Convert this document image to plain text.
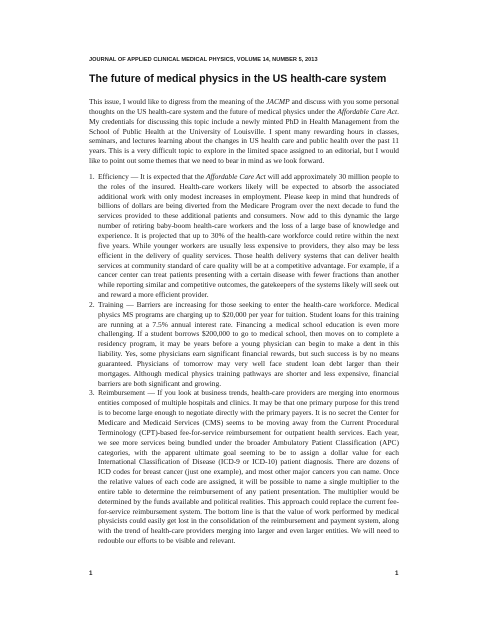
JOURNAL OF APPLIED CLINICAL MEDICAL PHYSICS, VOLUME 14, NUMBER 5, 2013
The future of medical physics in the US health-care system

This issue, I would like to digress from the meaning of the JACMP and discuss with you some personal thoughts on the US health-care system and the future of medical physics under the Affordable Care Act. My credentials for discussing this topic include a newly minted PhD in Health Management from the School of Public Health at the University of Louisville. I spent many rewarding hours in classes, seminars, and lectures learning about the changes in US health care and public health over the past 11 years. This is a very difficult topic to explore in the limited space assigned to an editorial, but I would like to point out some themes that we need to bear in mind as we look forward.

1. Efficiency — It is expected that the Affordable Care Act will add approximately 30 million people to the roles of the insured. Health-care workers likely will be expected to absorb the associated additional work with only modest increases in employment. Please keep in mind that hundreds of billions of dollars are being diverted from the Medicare Program over the next decade to fund the services provided to these additional patients and consumers. Now add to this dynamic the large number of retiring baby-boom health-care workers and the loss of a large base of knowledge and experience. It is projected that up to 30% of the health-care workforce could retire within the next five years. While younger workers are usually less expensive to providers, they also may be less efficient in the delivery of quality services. Those health delivery systems that can deliver health services at community standard of care quality will be at a competitive advantage. For example, if a cancer center can treat patients presenting with a certain disease with fewer fractions than another while reporting similar and competitive outcomes, the gatekeepers of the systems likely will seek out and reward a more efficient provider.
2. Training — Barriers are increasing for those seeking to enter the health-care workforce. Medical physics MS programs are charging up to $20,000 per year for tuition. Student loans for this training are running at a 7.5% annual interest rate. Financing a medical school education is even more challenging. If a student borrows $200,000 to go to medical school, then moves on to complete a residency program, it may be years before a young physician can begin to make a dent in this liability. Yes, some physicians earn significant financial rewards, but such success is by no means guaranteed. Physicians of tomorrow may very well face student loan debt larger than their mortgages. Although medical physics training pathways are shorter and less expensive, financial barriers are both significant and growing.
3. Reimbursement — If you look at business trends, health-care providers are merging into enormous entities composed of multiple hospitals and clinics. It may be that one primary purpose for this trend is to become large enough to negotiate directly with the primary payers. It is no secret the Center for Medicare and Medicaid Services (CMS) seems to be moving away from the Current Procedural Terminology (CPT)-based fee-for-service reimbursement for outpatient health services. Each year, we see more services being bundled under the broader Ambulatory Patient Classification (APC) categories, with the apparent ultimate goal seeming to be to assign a dollar value for each International Classification of Disease (ICD-9 or ICD-10) patient diagnosis. There are dozens of ICD codes for breast cancer (just one example), and most other major cancers you can name. Once the relative values of each code are assigned, it will be possible to name a single multiplier to the entire table to determine the reimbursement of any patient presentation. The multiplier would be determined by the funds available and political realities. This approach could replace the current fee-for-service reimbursement system. The bottom line is that the value of work performed by medical physicists could easily get lost in the consolidation of the reimbursement and payment system, along with the trend of health-care providers merging into larger and even larger entities. We will need to redouble our efforts to be visible and relevant.
1	1
